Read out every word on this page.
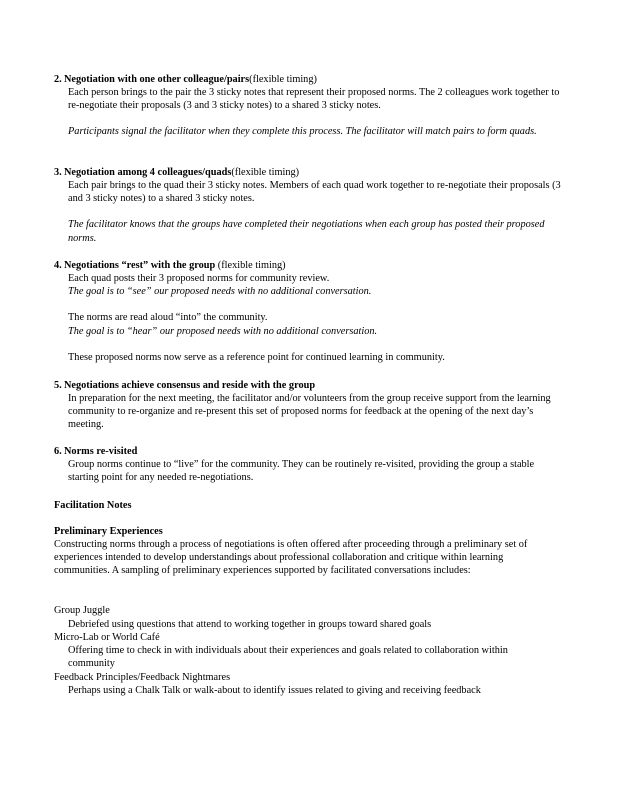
2. Negotiation with one other colleague/pairs(flexible timing)
Each person brings to the pair the 3 sticky notes that represent their proposed norms. The 2 colleagues work together to re-negotiate their proposals (3 and 3 sticky notes) to a shared 3 sticky notes.
Participants signal the facilitator when they complete this process. The facilitator will match pairs to form quads.
3. Negotiation among 4 colleagues/quads(flexible timing)
Each pair brings to the quad their 3 sticky notes. Members of each quad work together to re-negotiate their proposals (3 and 3 sticky notes) to a shared 3 sticky notes.
The facilitator knows that the groups have completed their negotiations when each group has posted their proposed norms.
4. Negotiations “rest” with the group (flexible timing)
Each quad posts their 3 proposed norms for community review.
The goal is to “see” our proposed needs with no additional conversation.
The norms are read aloud “into” the community.
The goal is to “hear” our proposed needs with no additional conversation.
These proposed norms now serve as a reference point for continued learning in community.
5. Negotiations achieve consensus and reside with the group
In preparation for the next meeting, the facilitator and/or volunteers from the group receive support from the learning community to re-organize and re-present this set of proposed norms for feedback at the opening of the next day’s meeting.
6. Norms re-visited
Group norms continue to “live” for the community. They can be routinely re-visited, providing the group a stable starting point for any needed re-negotiations.
Facilitation Notes
Preliminary Experiences
Constructing norms through a process of negotiations is often offered after proceeding through a preliminary set of experiences intended to develop understandings about professional collaboration and critique within learning communities. A sampling of preliminary experiences supported by facilitated conversations includes:
Group Juggle
Debriefed using questions that attend to working together in groups toward shared goals
Micro-Lab or World Café
Offering time to check in with individuals about their experiences and goals related to collaboration within community
Feedback Principles/Feedback Nightmares
Perhaps using a Chalk Talk or walk-about to identify issues related to giving and receiving feedback
